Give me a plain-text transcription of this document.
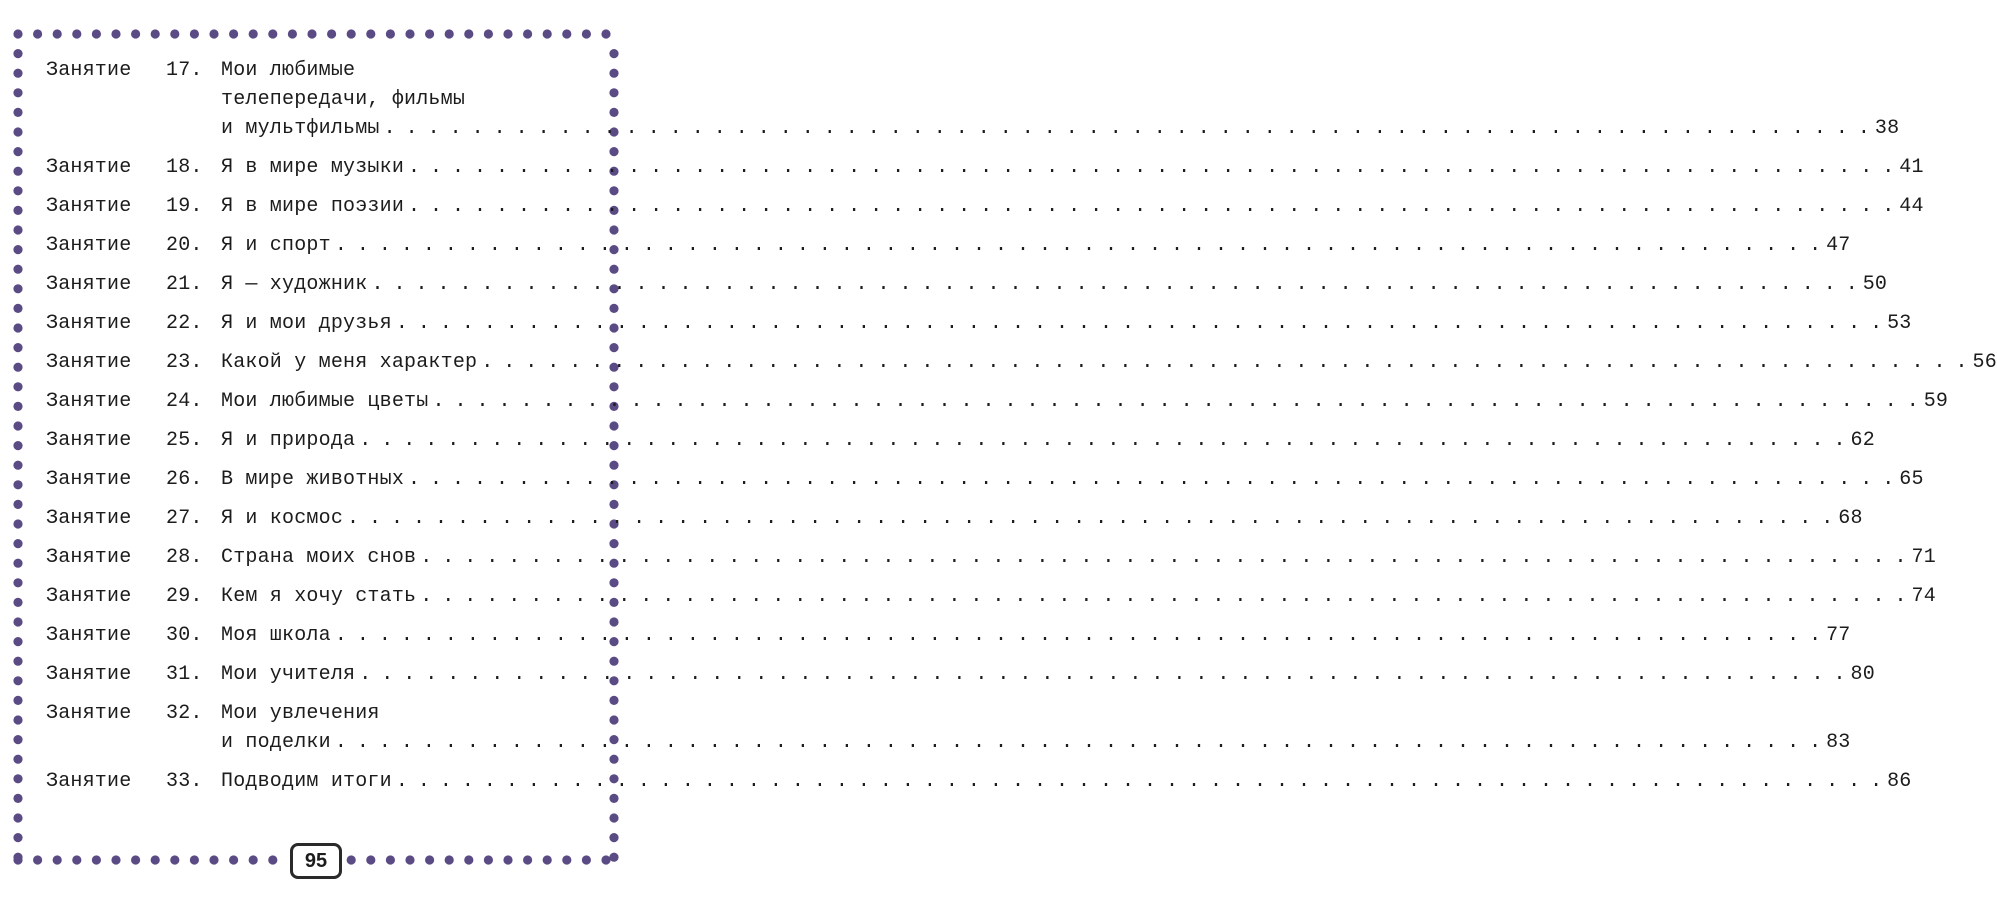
Занятие	17. Мои любимые
телепередачи, фильмы
и мультфильмы . . .	38
Занятие	18. Я в мире музыки . . .	41
Занятие	19. Я в мире поэзии . . .	44
Занятие	20. Я и спорт . . .	47
Занятие	21. Я — художник . . .	50
Занятие	22. Я и мои друзья . . .	53
Занятие	23. Какой у меня характер . . .	56
Занятие	24. Мои любимые цветы . . .	59
Занятие	25. Я и природа . . .	62
Занятие	26. В мире животных . . .	65
Занятие	27. Я и космос . . .	68
Занятие	28. Страна моих снов . . .	71
Занятие	29. Кем я хочу стать . . .	74
Занятие	30. Моя школа . . .	77
Занятие	31. Мои учителя . . .	80
Занятие	32. Мои увлечения
и поделки . . .	83
Занятие	33. Подводим итоги . . .	86
95
